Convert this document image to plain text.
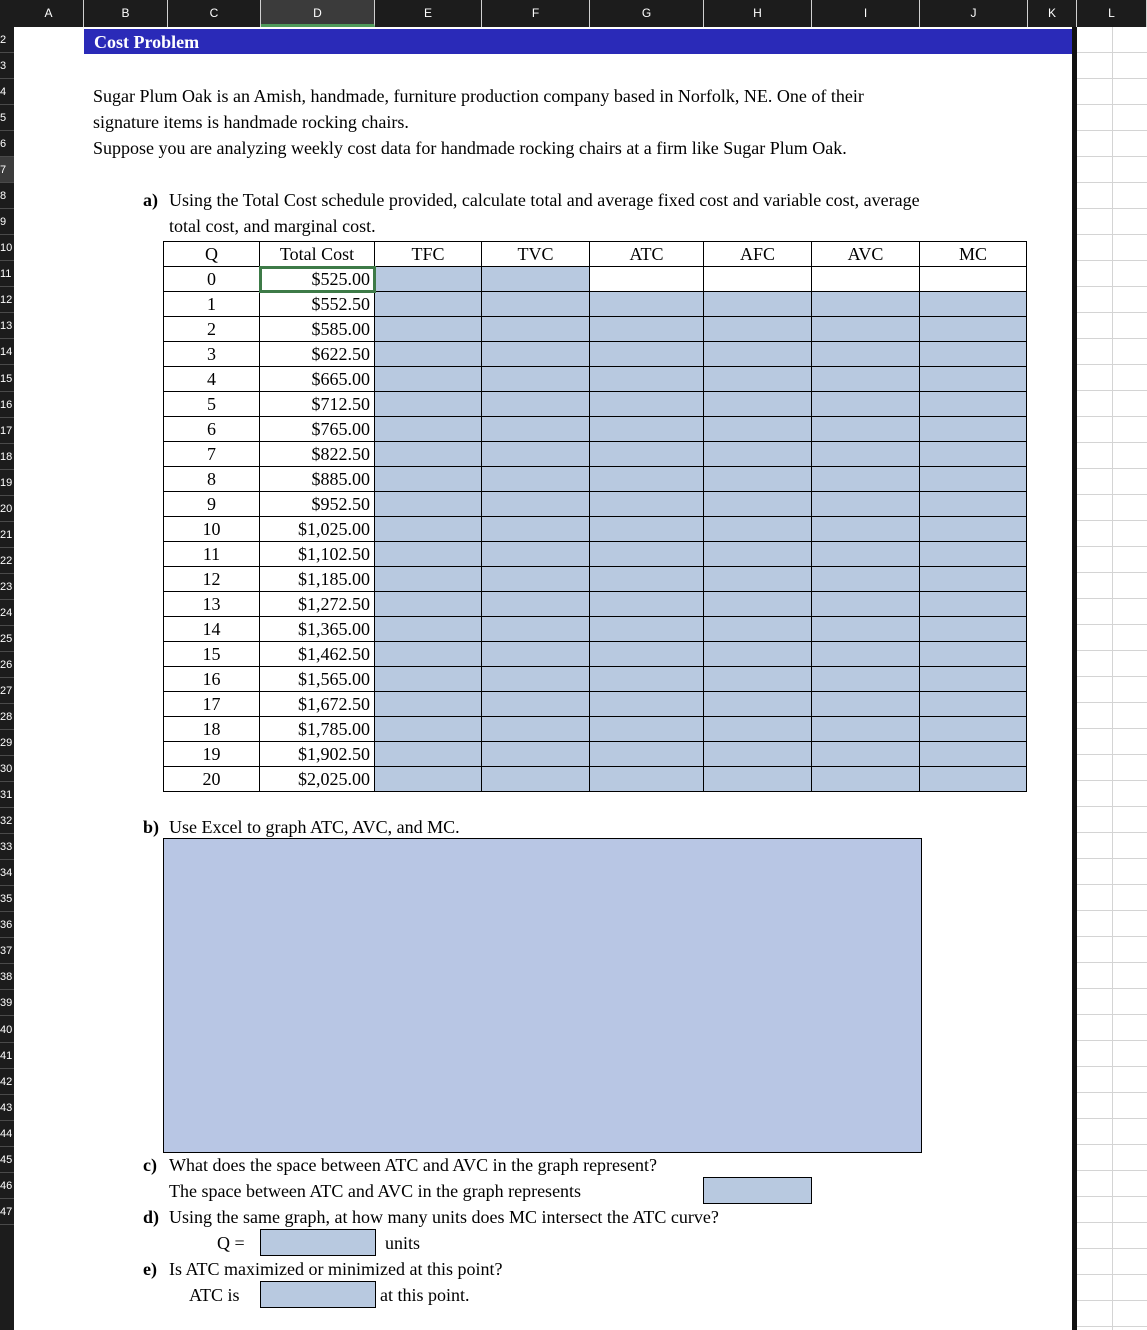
A	B	C	D	E	F	G	H	I	J	K	L
2
3
4
5
6
7
8
9
10
11
12
13
14
15
16
17
18
19
20
21
22
23
24
25
26
27
28
29
30
31
32
33
34
35
36
37
38
39
40
41
42
43
44
45
46
47
Cost Problem
Sugar Plum Oak is an Amish, handmade, furniture production company based in Norfolk, NE. One of their
signature items is handmade rocking chairs.
Suppose you are analyzing weekly cost data for handmade rocking chairs at a firm like Sugar Plum Oak.
a) Using the Total Cost schedule provided, calculate total and average fixed cost and variable cost, average
total cost, and marginal cost.
Q	Total Cost	TFC	TVC	ATC	AFC	AVC	MC
0	$525.00						
1	$552.50						
2	$585.00						
3	$622.50						
4	$665.00						
5	$712.50						
6	$765.00						
7	$822.50						
8	$885.00						
9	$952.50						
10	$1,025.00						
11	$1,102.50						
12	$1,185.00						
13	$1,272.50						
14	$1,365.00						
15	$1,462.50						
16	$1,565.00						
17	$1,672.50						
18	$1,785.00						
19	$1,902.50						
20	$2,025.00						
b) Use Excel to graph ATC, AVC, and MC.
c) What does the space between ATC and AVC in the graph represent?
The space between ATC and AVC in the graph represents
d) Using the same graph, at how many units does MC intersect the ATC curve?
Q =	units
e) Is ATC maximized or minimized at this point?
ATC is	at this point.
